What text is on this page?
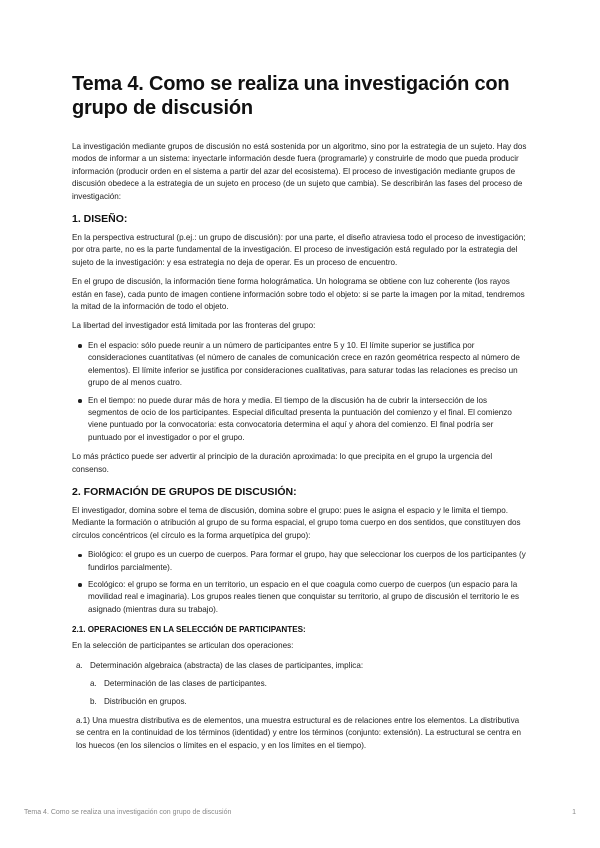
Tema 4. Como se realiza una investigación con grupo de discusión

La investigación mediante grupos de discusión no está sostenida por un algoritmo, sino por la estrategia de un sujeto. Hay dos modos de informar a un sistema: inyectarle información desde fuera (programarle) y construirle de modo que pueda producir información (producir orden en el sistema a partir del azar del ecosistema). El proceso de investigación mediante grupos de discusión obedece a la estrategia de un sujeto en proceso (de un sujeto que cambia). Se describirán las fases del proceso de investigación:

1. DISEÑO:

En la perspectiva estructural (p.ej.: un grupo de discusión): por una parte, el diseño atraviesa todo el proceso de investigación; por otra parte, no es la parte fundamental de la investigación. El proceso de investigación está regulado por la estrategia del sujeto de la investigación: y esa estrategia no deja de operar. Es un proceso de encuentro.

En el grupo de discusión, la información tiene forma holográmatica. Un holograma se obtiene con luz coherente (los rayos están en fase), cada punto de imagen contiene información sobre todo el objeto: si se parte la imagen por la mitad, tendremos la mitad de la información de todo el objeto.

La libertad del investigador está limitada por las fronteras del grupo:

En el espacio: sólo puede reunir a un número de participantes entre 5 y 10. El límite superior se justifica por consideraciones cuantitativas (el número de canales de comunicación crece en razón geométrica respecto al número de elementos). El límite inferior se justifica por consideraciones cualitativas, para saturar todas las relaciones es preciso un grupo de al menos cuatro.
En el tiempo: no puede durar más de hora y media. El tiempo de la discusión ha de cubrir la intersección de los segmentos de ocio de los participantes. Especial dificultad presenta la puntuación del comienzo y el final. El comienzo viene puntuado por la convocatoria: esta convocatoria determina el aquí y ahora del comienzo. El final podría ser puntuado por el investigador o por el grupo.

Lo más práctico puede ser advertir al principio de la duración aproximada: lo que precipita en el grupo la urgencia del consenso.

2. FORMACIÓN DE GRUPOS DE DISCUSIÓN:

El investigador, domina sobre el tema de discusión, domina sobre el grupo: pues le asigna el espacio y le limita el tiempo. Mediante la formación o atribución al grupo de su forma espacial, el grupo toma cuerpo en dos sentidos, que constituyen dos círculos concéntricos (el círculo es la forma arquetípica del grupo):

Biológico: el grupo es un cuerpo de cuerpos. Para formar el grupo, hay que seleccionar los cuerpos de los participantes (y fundirlos parcialmente).
Ecológico: el grupo se forma en un territorio, un espacio en el que coagula como cuerpo de cuerpos (un espacio para la movilidad real e imaginaria). Los grupos reales tienen que conquistar su territorio, al grupo de discusión el territorio le es asignado (mientras dura su trabajo).
2.1. OPERACIONES EN LA SELECCIÓN DE PARTICIPANTES:

En la selección de participantes se articulan dos operaciones:

a. Determinación algebraica (abstracta) de las clases de participantes, implica:
a. Determinación de las clases de participantes.
b. Distribución en grupos.

a.1) Una muestra distributiva es de elementos, una muestra estructural es de relaciones entre los elementos. La distributiva se centra en la continuidad de los términos (identidad) y entre los términos (conjunto: extensión). La estructural se centra en los huecos (en los silencios o límites en el espacio, y en los límites en el tiempo).

Tema 4. Como se realiza una investigación con grupo de discusión	1
